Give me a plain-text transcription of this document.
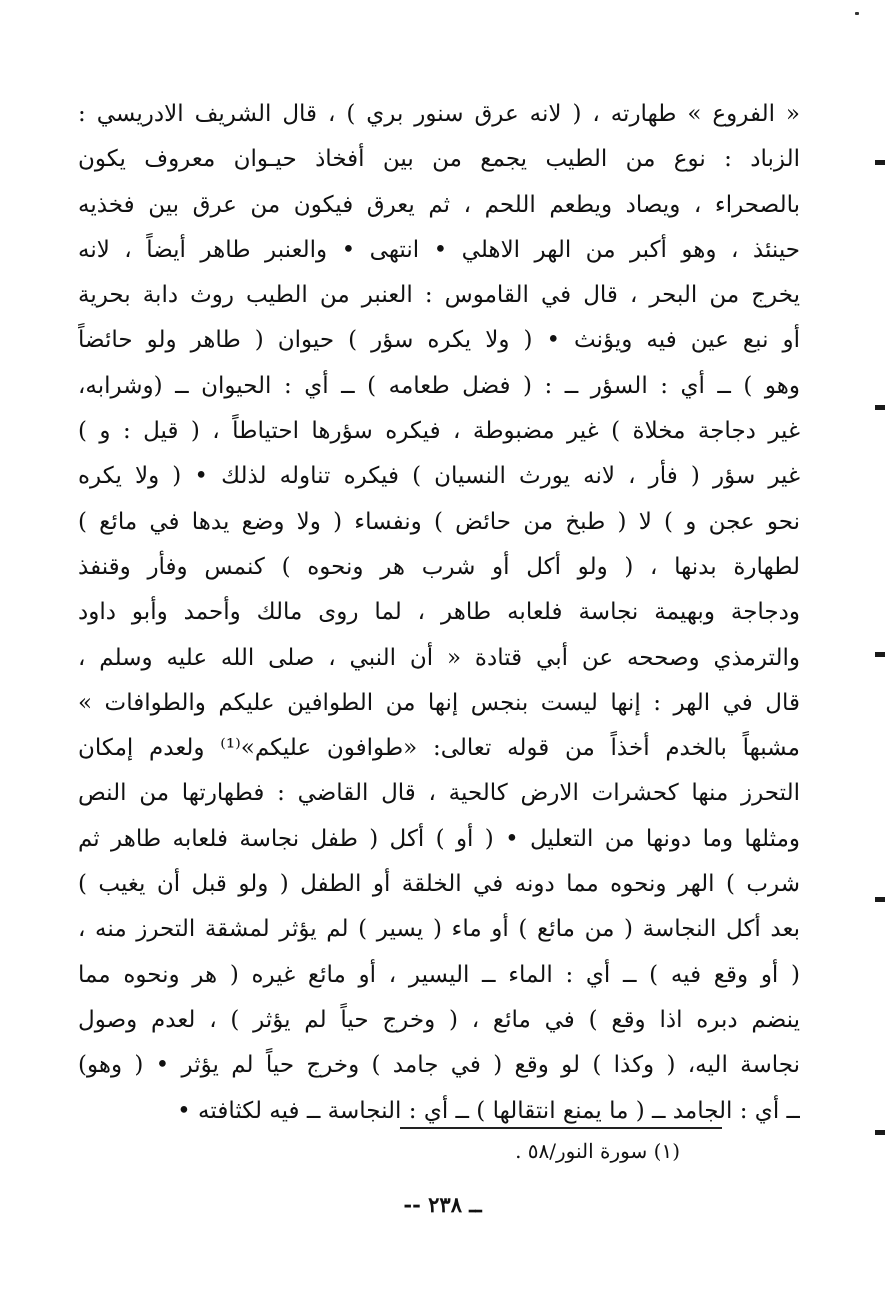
« الفروع » طهارته ، ( لانه عرق سنور بري ) ، قال الشريف الادريسي :
الزباد : نوع من الطيب يجمع من بين أفخاذ حيـوان معروف يكون
بالصحراء ، ويصاد ويطعم اللحم ، ثم يعرق فيكون من عرق بين فخذيه
حينئذ ، وهو أكبر من الهر الاهلي • انتهى • والعنبر طاهر أيضاً ، لانه
يخرج من البحر ، قال في القاموس : العنبر من الطيب روث دابة بحرية
أو نبع عين فيه ويؤنث • ( ولا يكره سؤر ) حيوان ( طاهر ولو حائضاً
وهو ) ــ أي : السؤر ــ : ( فضل طعامه ) ــ أي : الحيوان ــ (وشرابه،
غير دجاجة مخلاة ) غير مضبوطة ، فيكره سؤرها احتياطاً ، ( قيل : و )
غير سؤر ( فأر ، لانه يورث النسيان ) فيكره تناوله لذلك • ( ولا يكره
نحو عجن و ) لا ( طبخ من حائض ) ونفساء ( ولا وضع يدها في مائع )
لطهارة بدنها ، ( ولو أكل أو شرب هر ونحوه ) كنمس وفأر وقنفذ
ودجاجة وبهيمة نجاسة فلعابه طاهر ، لما روى مالك وأحمد وأبو داود
والترمذي وصححه عن أبي قتادة « أن النبي ، صلى الله عليه وسلم ،
قال في الهر : إنها ليست بنجس إنها من الطوافين عليكم والطوافات »
مشبهاً بالخدم أخذاً من قوله تعالى: «طوافون عليكم»⁽¹⁾ ولعدم إمكان
التحرز منها كحشرات الارض كالحية ، قال القاضي : فطهارتها من النص
ومثلها وما دونها من التعليل • ( أو ) أكل ( طفل نجاسة فلعابه طاهر ثم
شرب ) الهر ونحوه مما دونه في الخلقة أو الطفل ( ولو قبل أن يغيب )
بعد أكل النجاسة ( من مائع ) أو ماء ( يسير ) لم يؤثر لمشقة التحرز منه ،
( أو وقع فيه ) ــ أي : الماء ــ اليسير ، أو مائع غيره ( هر ونحوه مما
ينضم دبره اذا وقع ) في مائع ، ( وخرج حياً لم يؤثر ) ، لعدم وصول
نجاسة اليه، ( وكذا ) لو وقع ( في جامد ) وخرج حياً لم يؤثر • ( وهو)
ــ أي : الجامد ــ ( ما يمنع انتقالها ) ــ أي : النجاسة ــ فيه لكثافته •
(١) سورة النور/٥٨ .
ــ ٢٣٨ --
